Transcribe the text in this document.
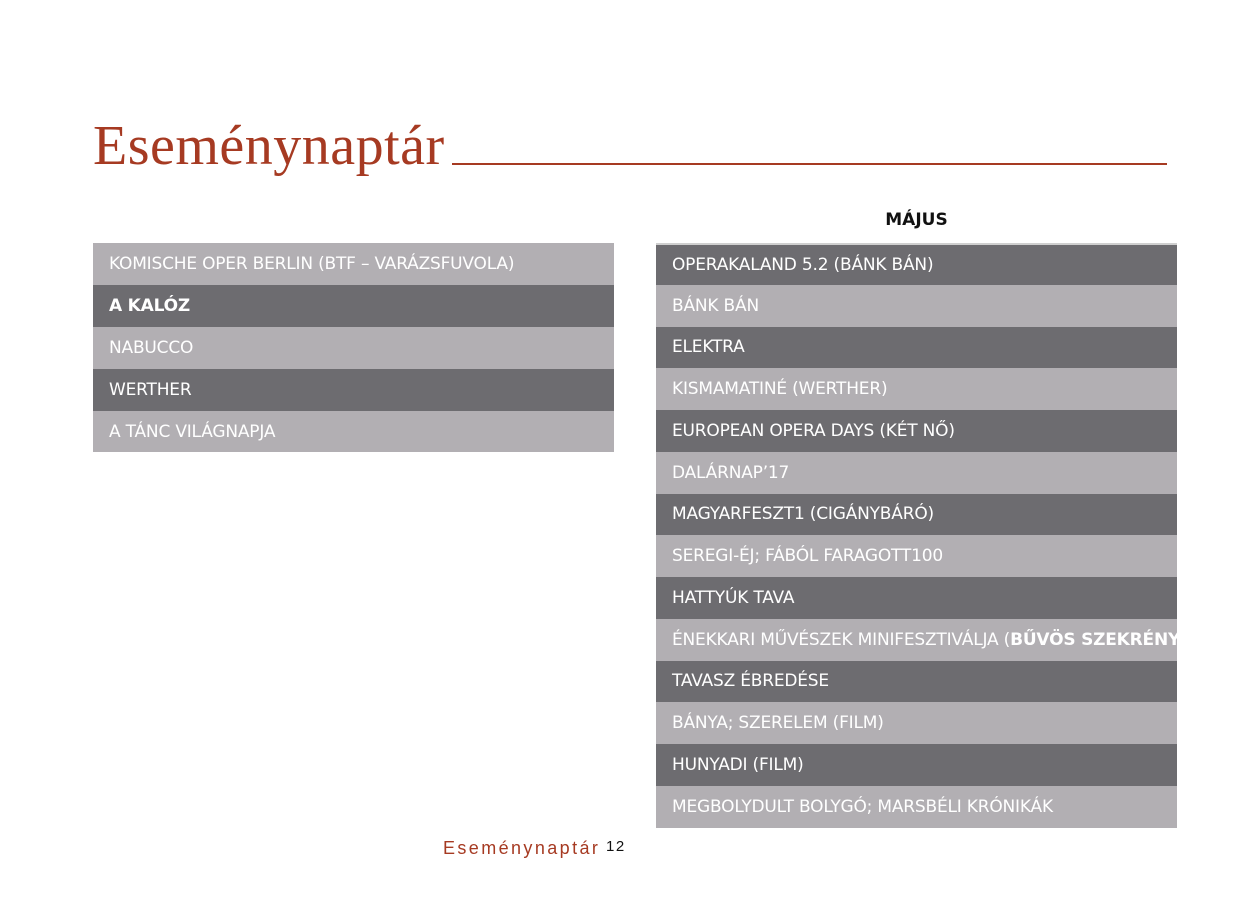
Eseménynaptár
MÁJUS
KOMISCHE OPER BERLIN (BTF – VARÁZSFUVOLA)
A KALÓZ
NABUCCO
WERTHER
A TÁNC VILÁGNAPJA
OPERAKALAND 5.2 (BÁNK BÁN)
BÁNK BÁN
ELEKTRA
KISMAMATINÉ (WERTHER)
EUROPEAN OPERA DAYS (KÉT NŐ)
DALÁRNAP’17
MAGYARFESZT1 (CIGÁNYBÁRÓ)
SEREGI-ÉJ; FÁBÓL FARAGOTT100
HATTYÚK TAVA
ÉNEKKARI MŰVÉSZEK MINIFESZTIVÁLJA ( BŰVÖS SZEKRÉNY )
TAVASZ ÉBREDÉSE
BÁNYA; SZERELEM (FILM)
HUNYADI (FILM)
MEGBOLYDULT BOLYGÓ; MARSBÉLI KRÓNIKÁK
Eseménynaptár 12
